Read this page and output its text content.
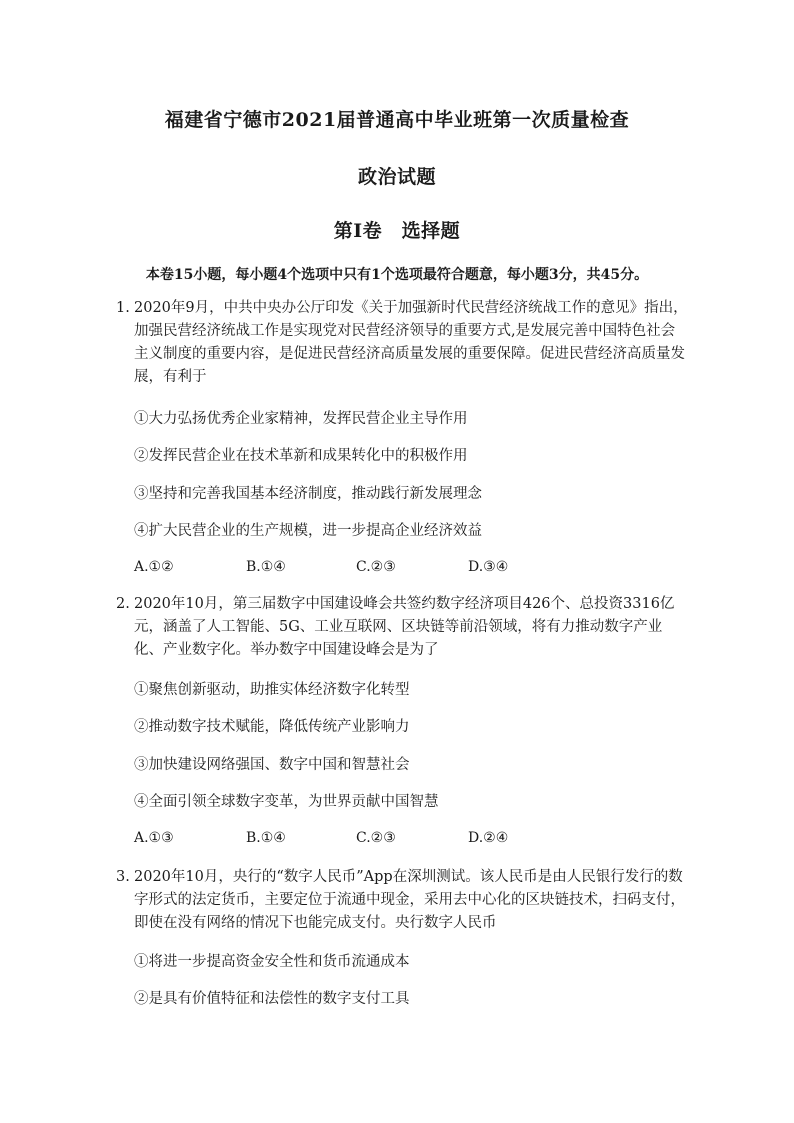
福建省宁德市2021届普通高中毕业班第一次质量检查
政治试题
第Ⅰ卷　选择题
本卷15小题，每小题4个选项中只有1个选项最符合题意，每小题3分，共45分。
1. 2020年9月，中共中央办公厅印发《关于加强新时代民营经济统战工作的意见》指出，加强民营经济统战工作是实现党对民营经济领导的重要方式,是发展完善中国特色社会主义制度的重要内容，是促进民营经济高质量发展的重要保障。促进民营经济高质量发展，有利于
①大力弘扬优秀企业家精神，发挥民营企业主导作用
②发挥民营企业在技术革新和成果转化中的积极作用
③坚持和完善我国基本经济制度，推动践行新发展理念
④扩大民营企业的生产规模，进一步提高企业经济效益
A.①②	B.①④	C.②③	D.③④
2. 2020年10月，第三届数字中国建设峰会共签约数字经济项目426个、总投资3316亿元，涵盖了人工智能、5G、工业互联网、区块链等前沿领域，将有力推动数字产业化、产业数字化。举办数字中国建设峰会是为了
①聚焦创新驱动，助推实体经济数字化转型
②推动数字技术赋能，降低传统产业影响力
③加快建设网络强国、数字中国和智慧社会
④全面引领全球数字变革，为世界贡献中国智慧
A.①③	B.①④	C.②③	D.②④
3. 2020年10月，央行的“数字人民币”App在深圳测试。该人民币是由人民银行发行的数字形式的法定货币，主要定位于流通中现金，采用去中心化的区块链技术，扫码支付，即使在没有网络的情况下也能完成支付。央行数字人民币
①将进一步提高资金安全性和货币流通成本
②是具有价值特征和法偿性的数字支付工具
